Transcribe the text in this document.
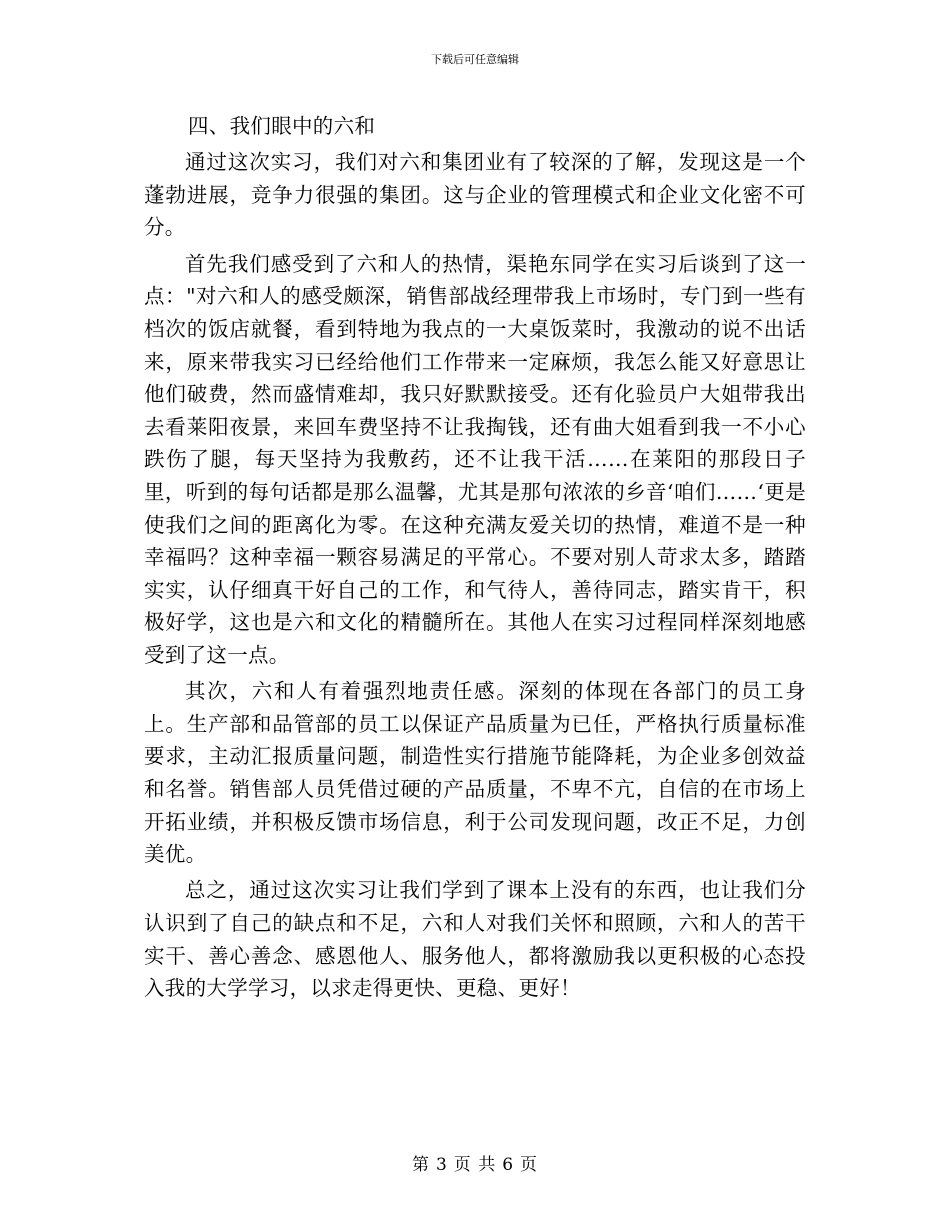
下载后可任意编辑

四、我们眼中的六和

通过这次实习，我们对六和集团业有了较深的了解，发现这是一个蓬勃进展，竞争力很强的集团。这与企业的管理模式和企业文化密不可分。

首先我们感受到了六和人的热情，渠艳东同学在实习后谈到了这一点："对六和人的感受颇深，销售部战经理带我上市场时，专门到一些有档次的饭店就餐，看到特地为我点的一大桌饭菜时，我激动的说不出话来，原来带我实习已经给他们工作带来一定麻烦，我怎么能又好意思让他们破费，然而盛情难却，我只好默默接受。还有化验员户大姐带我出去看莱阳夜景，来回车费坚持不让我掏钱，还有曲大姐看到我一不小心跌伤了腿，每天坚持为我敷药，还不让我干活……在莱阳的那段日子里，听到的每句话都是那么温馨，尤其是那句浓浓的乡音‘咱们……‘更是使我们之间的距离化为零。在这种充满友爱关切的热情，难道不是一种幸福吗？这种幸福一颗容易满足的平常心。不要对别人苛求太多，踏踏实实，认仔细真干好自己的工作，和气待人，善待同志，踏实肯干，积极好学，这也是六和文化的精髓所在。其他人在实习过程同样深刻地感受到了这一点。

其次，六和人有着强烈地责任感。深刻的体现在各部门的员工身上。生产部和品管部的员工以保证产品质量为已任，严格执行质量标准要求，主动汇报质量问题，制造性实行措施节能降耗，为企业多创效益和名誉。销售部人员凭借过硬的产品质量，不卑不亢，自信的在市场上开拓业绩，并积极反馈市场信息，利于公司发现问题，改正不足，力创美优。

总之，通过这次实习让我们学到了课本上没有的东西，也让我们分认识到了自己的缺点和不足，六和人对我们关怀和照顾，六和人的苦干实干、善心善念、感恩他人、服务他人，都将激励我以更积极的心态投入我的大学学习，以求走得更快、更稳、更好！

第 3 页 共 6 页
